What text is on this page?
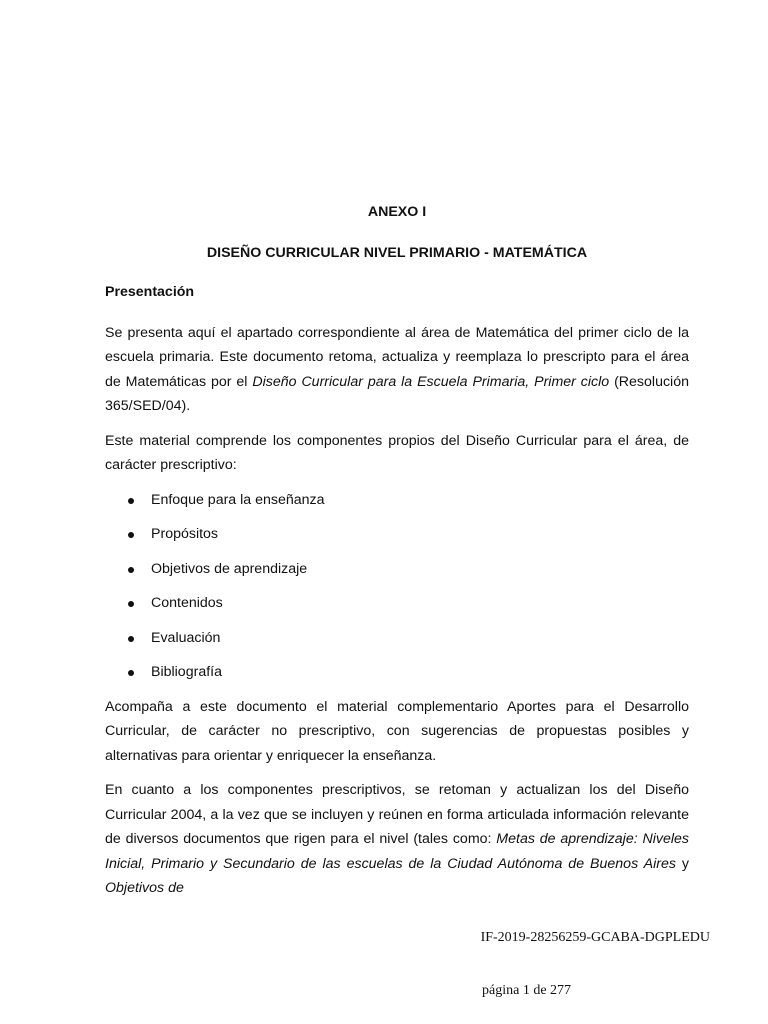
ANEXO I
DISEÑO CURRICULAR NIVEL PRIMARIO - MATEMÁTICA
Presentación

Se presenta aquí el apartado correspondiente al área de Matemática del primer ciclo de la escuela primaria. Este documento retoma, actualiza y reemplaza lo prescripto para el área de Matemáticas por el Diseño Curricular para la Escuela Primaria, Primer ciclo (Resolución 365/SED/04).

Este material comprende los componentes propios del Diseño Curricular para el área, de carácter prescriptivo:

Enfoque para la enseñanza
Propósitos
Objetivos de aprendizaje
Contenidos
Evaluación
Bibliografía

Acompaña a este documento el material complementario Aportes para el Desarrollo Curricular, de carácter no prescriptivo, con sugerencias de propuestas posibles y alternativas para orientar y enriquecer la enseñanza.

En cuanto a los componentes prescriptivos, se retoman y actualizan los del Diseño Curricular 2004, a la vez que se incluyen y reúnen en forma articulada información relevante de diversos documentos que rigen para el nivel (tales como: Metas de aprendizaje: Niveles Inicial, Primario y Secundario de las escuelas de la Ciudad Autónoma de Buenos Aires y Objetivos de

IF-2019-28256259-GCABA-DGPLEDU
página 1 de 277
